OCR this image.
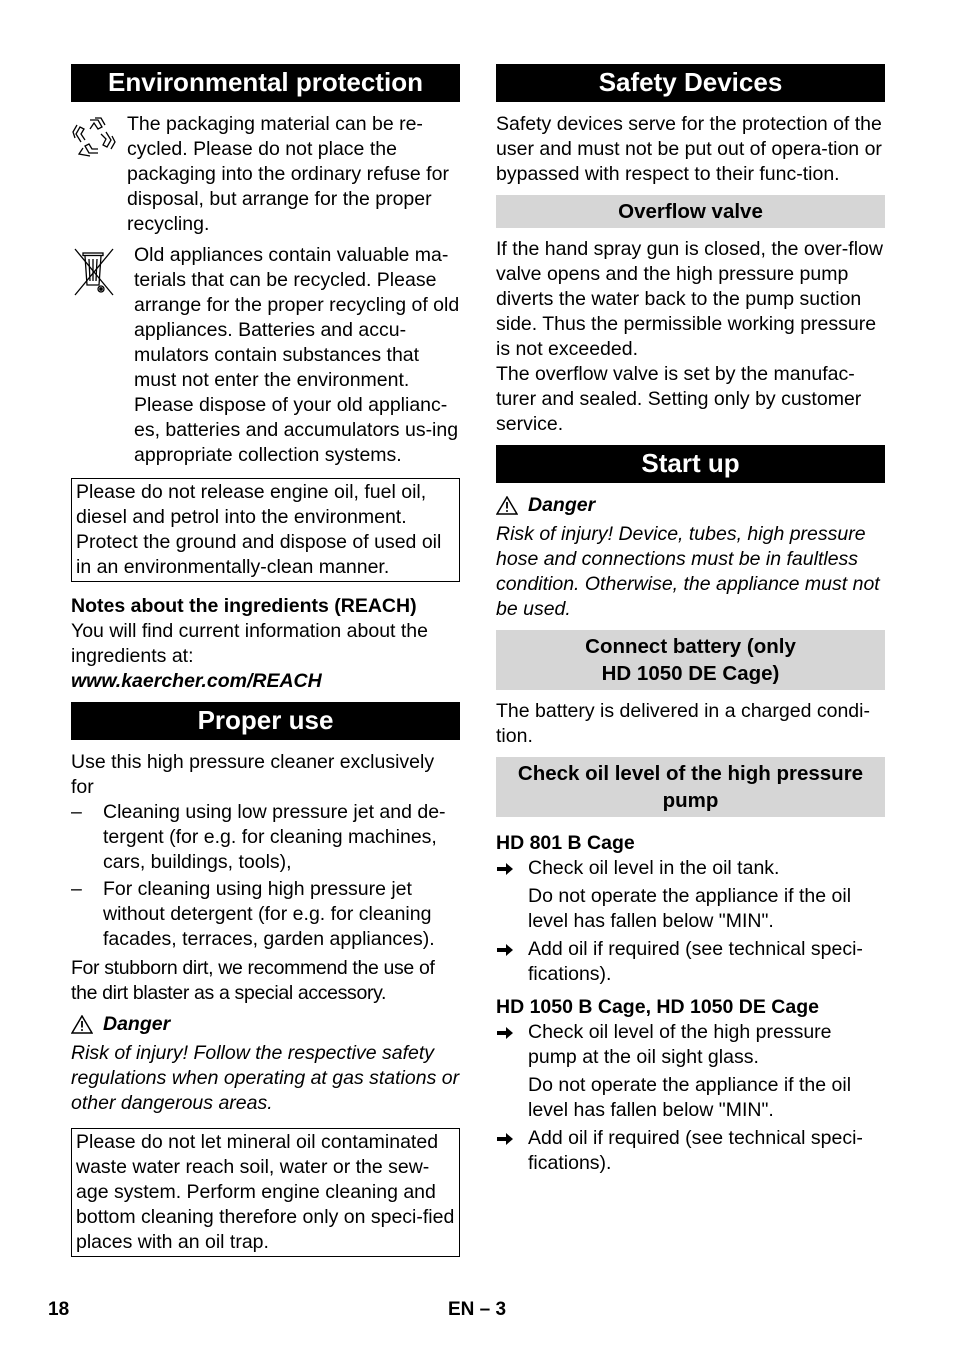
Environmental protection

The packaging material can be re-cycled. Please do not place the packaging into the ordinary refuse for disposal, but arrange for the proper recycling.

Old appliances contain valuable ma-terials that can be recycled. Please arrange for the proper recycling of old appliances. Batteries and accu-mulators contain substances that must not enter the environment. Please dispose of your old applianc-es, batteries and accumulators us-ing appropriate collection systems.

Please do not release engine oil, fuel oil, diesel and petrol into the environment. Protect the ground and dispose of used oil in an environmentally-clean manner.

Notes about the ingredients (REACH)

You will find current information about the ingredients at:

www.kaercher.com/REACH
Proper use

Use this high pressure cleaner exclusively for

– Cleaning using low pressure jet and de-tergent (for e.g. for cleaning machines, cars, buildings, tools),
– For cleaning using high pressure jet without detergent (for e.g. for cleaning facades, terraces, garden appliances).

For stubborn dirt, we recommend the use of the dirt blaster as a special accessory.

Danger

Risk of injury! Follow the respective safety regulations when operating at gas stations or other dangerous areas.

Please do not let mineral oil contaminated waste water reach soil, water or the sew-age system. Perform engine cleaning and bottom cleaning therefore only on speci-fied places with an oil trap.

Safety Devices

Safety devices serve for the protection of the user and must not be put out of opera-tion or bypassed with respect to their func-tion.

Overflow valve

If the hand spray gun is closed, the over-flow valve opens and the high pressure pump diverts the water back to the pump suction side. Thus the permissible working pressure is not exceeded.

The overflow valve is set by the manufac-turer and sealed. Setting only by customer service.

Start up
Danger

Risk of injury! Device, tubes, high pressure hose and connections must be in faultless condition. Otherwise, the appliance must not be used.

Connect battery (only
HD 1050 DE Cage)

The battery is delivered in a charged condi-tion.

Check oil level of the high pressure pump
HD 801 B Cage
Check oil level in the oil tank.
Do not operate the appliance if the oil level has fallen below "MIN".
Add oil if required (see technical speci-fications).
HD 1050 B Cage, HD 1050 DE Cage
Check oil level of the high pressure pump at the oil sight glass.
Do not operate the appliance if the oil level has fallen below "MIN".
Add oil if required (see technical speci-fications).
18	EN – 3
